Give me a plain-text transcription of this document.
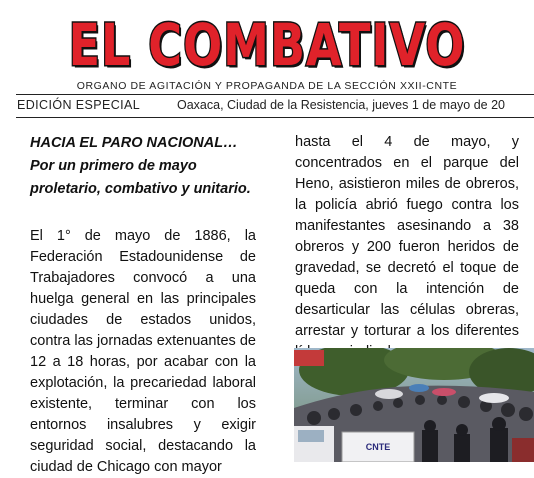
EL COMBATIVO
ORGANO DE AGITACIÓN Y PROPAGANDA DE LA SECCIÓN XXII-CNTE
EDICIÓN ESPECIAL	Oaxaca, Ciudad de la Resistencia, jueves 1 de mayo de 20

HACIA EL PARO NACIONAL…
Por un primero de mayo proletario, combativo y unitario.

El 1° de mayo de 1886, la Federación Estadounidense de Trabajadores convocó a una huelga general en las principales ciudades de estados unidos, contra las jornadas extenuantes de 12 a 18 horas, por acabar con la explotación, la precariedad laboral existente, terminar con los entornos insalubres y exigir seguridad social, destacando la ciudad de Chicago con mayor

hasta el 4 de mayo, y concentrados en el parque del Heno, asistieron miles de obreros, la policía abrió fuego contra los manifestantes asesinando a 38 obreros y 200 fueron heridos de gravedad, se decretó el toque de queda con la intención de desarticular las células obreras, arrestar y torturar a los diferentes

CNTE
